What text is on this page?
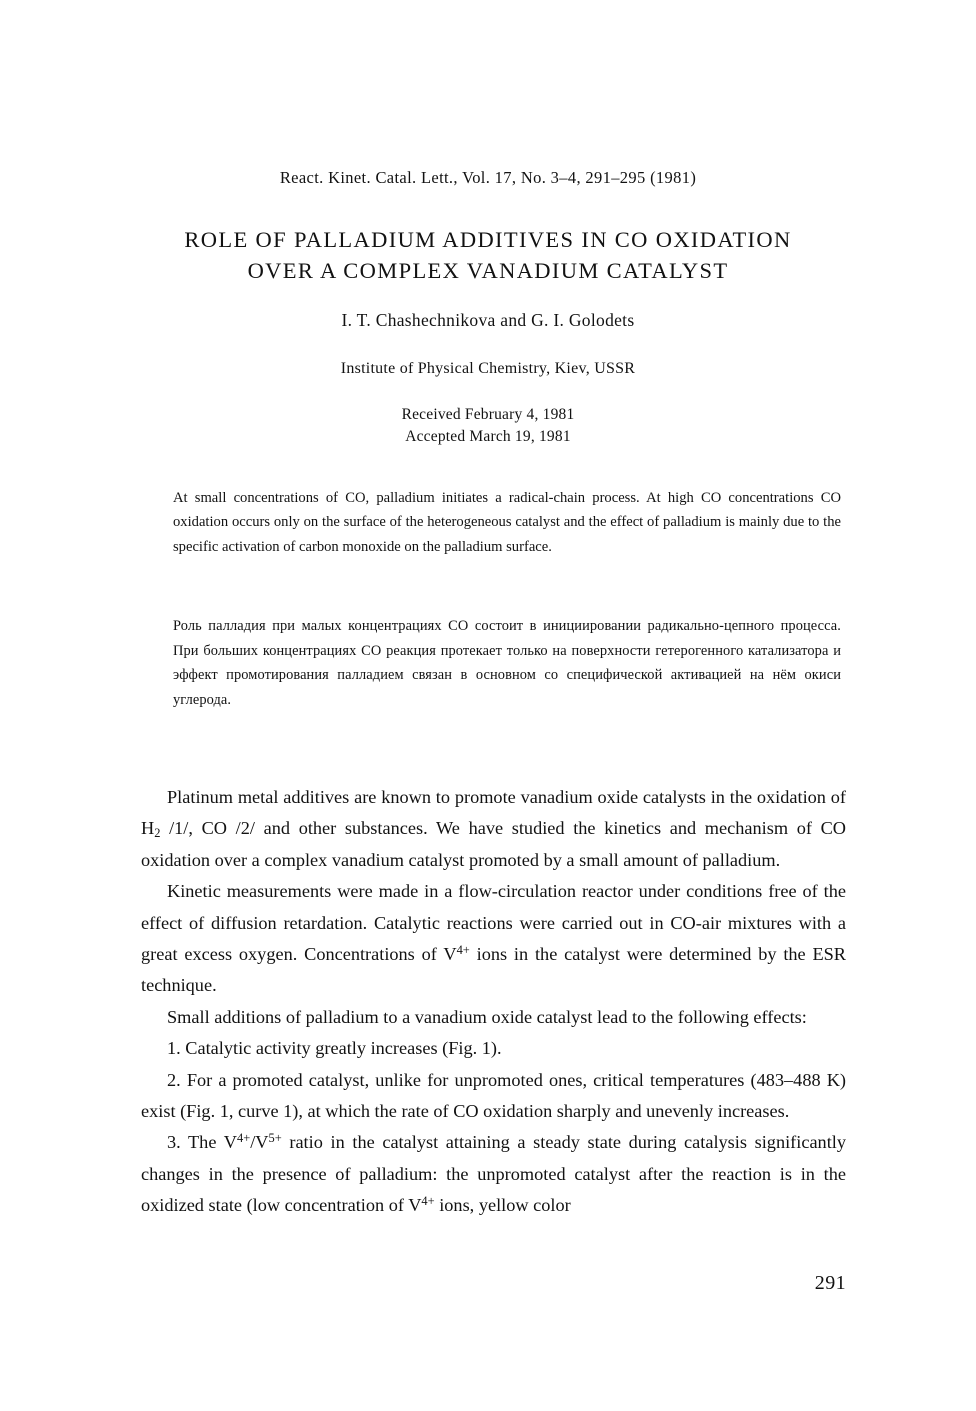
React. Kinet. Catal. Lett., Vol. 17, No. 3–4, 291–295 (1981)
ROLE OF PALLADIUM ADDITIVES IN CO OXIDATION
OVER A COMPLEX VANADIUM CATALYST
I. T. Chashechnikova and G. I. Golodets
Institute of Physical Chemistry, Kiev, USSR
Received February 4, 1981
Accepted March 19, 1981
At small concentrations of CO, palladium initiates a radical-chain process. At high CO concentrations CO oxidation occurs only on the surface of the heterogeneous catalyst and the effect of palladium is mainly due to the specific activation of carbon monoxide on the palladium surface.
Роль палладия при малых концентрациях СО состоит в инициировании радикально-цепного процесса. При больших концентрациях СО реакция протекает только на поверхности гетерогенного катализатора и эффект промотирования палладием связан в основном со специфической активацией на нём окиси углерода.

Platinum metal additives are known to promote vanadium oxide catalysts in the oxidation of $H_2$ /1/, CO /2/ and other substances. We have studied the kinetics and mechanism of CO oxidation over a complex vanadium catalyst promoted by a small amount of palladium.

Kinetic measurements were made in a flow-circulation reactor under conditions free of the effect of diffusion retardation. Catalytic reactions were carried out in CO-air mixtures with a great excess oxygen. Concentrations of $V^{4+}$ ions in the catalyst were determined by the ESR technique.

Small additions of palladium to a vanadium oxide catalyst lead to the following effects:

1. Catalytic activity greatly increases (Fig. 1).

2. For a promoted catalyst, unlike for unpromoted ones, critical temperatures (483–488 K) exist (Fig. 1, curve 1), at which the rate of CO oxidation sharply and unevenly increases.

3. The $V^{4+}/V^{5+}$ ratio in the catalyst attaining a steady state during catalysis significantly changes in the presence of palladium: the unpromoted catalyst after the reaction is in the oxidized state (low concentration of $V^{4+}$ ions, yellow color

291
